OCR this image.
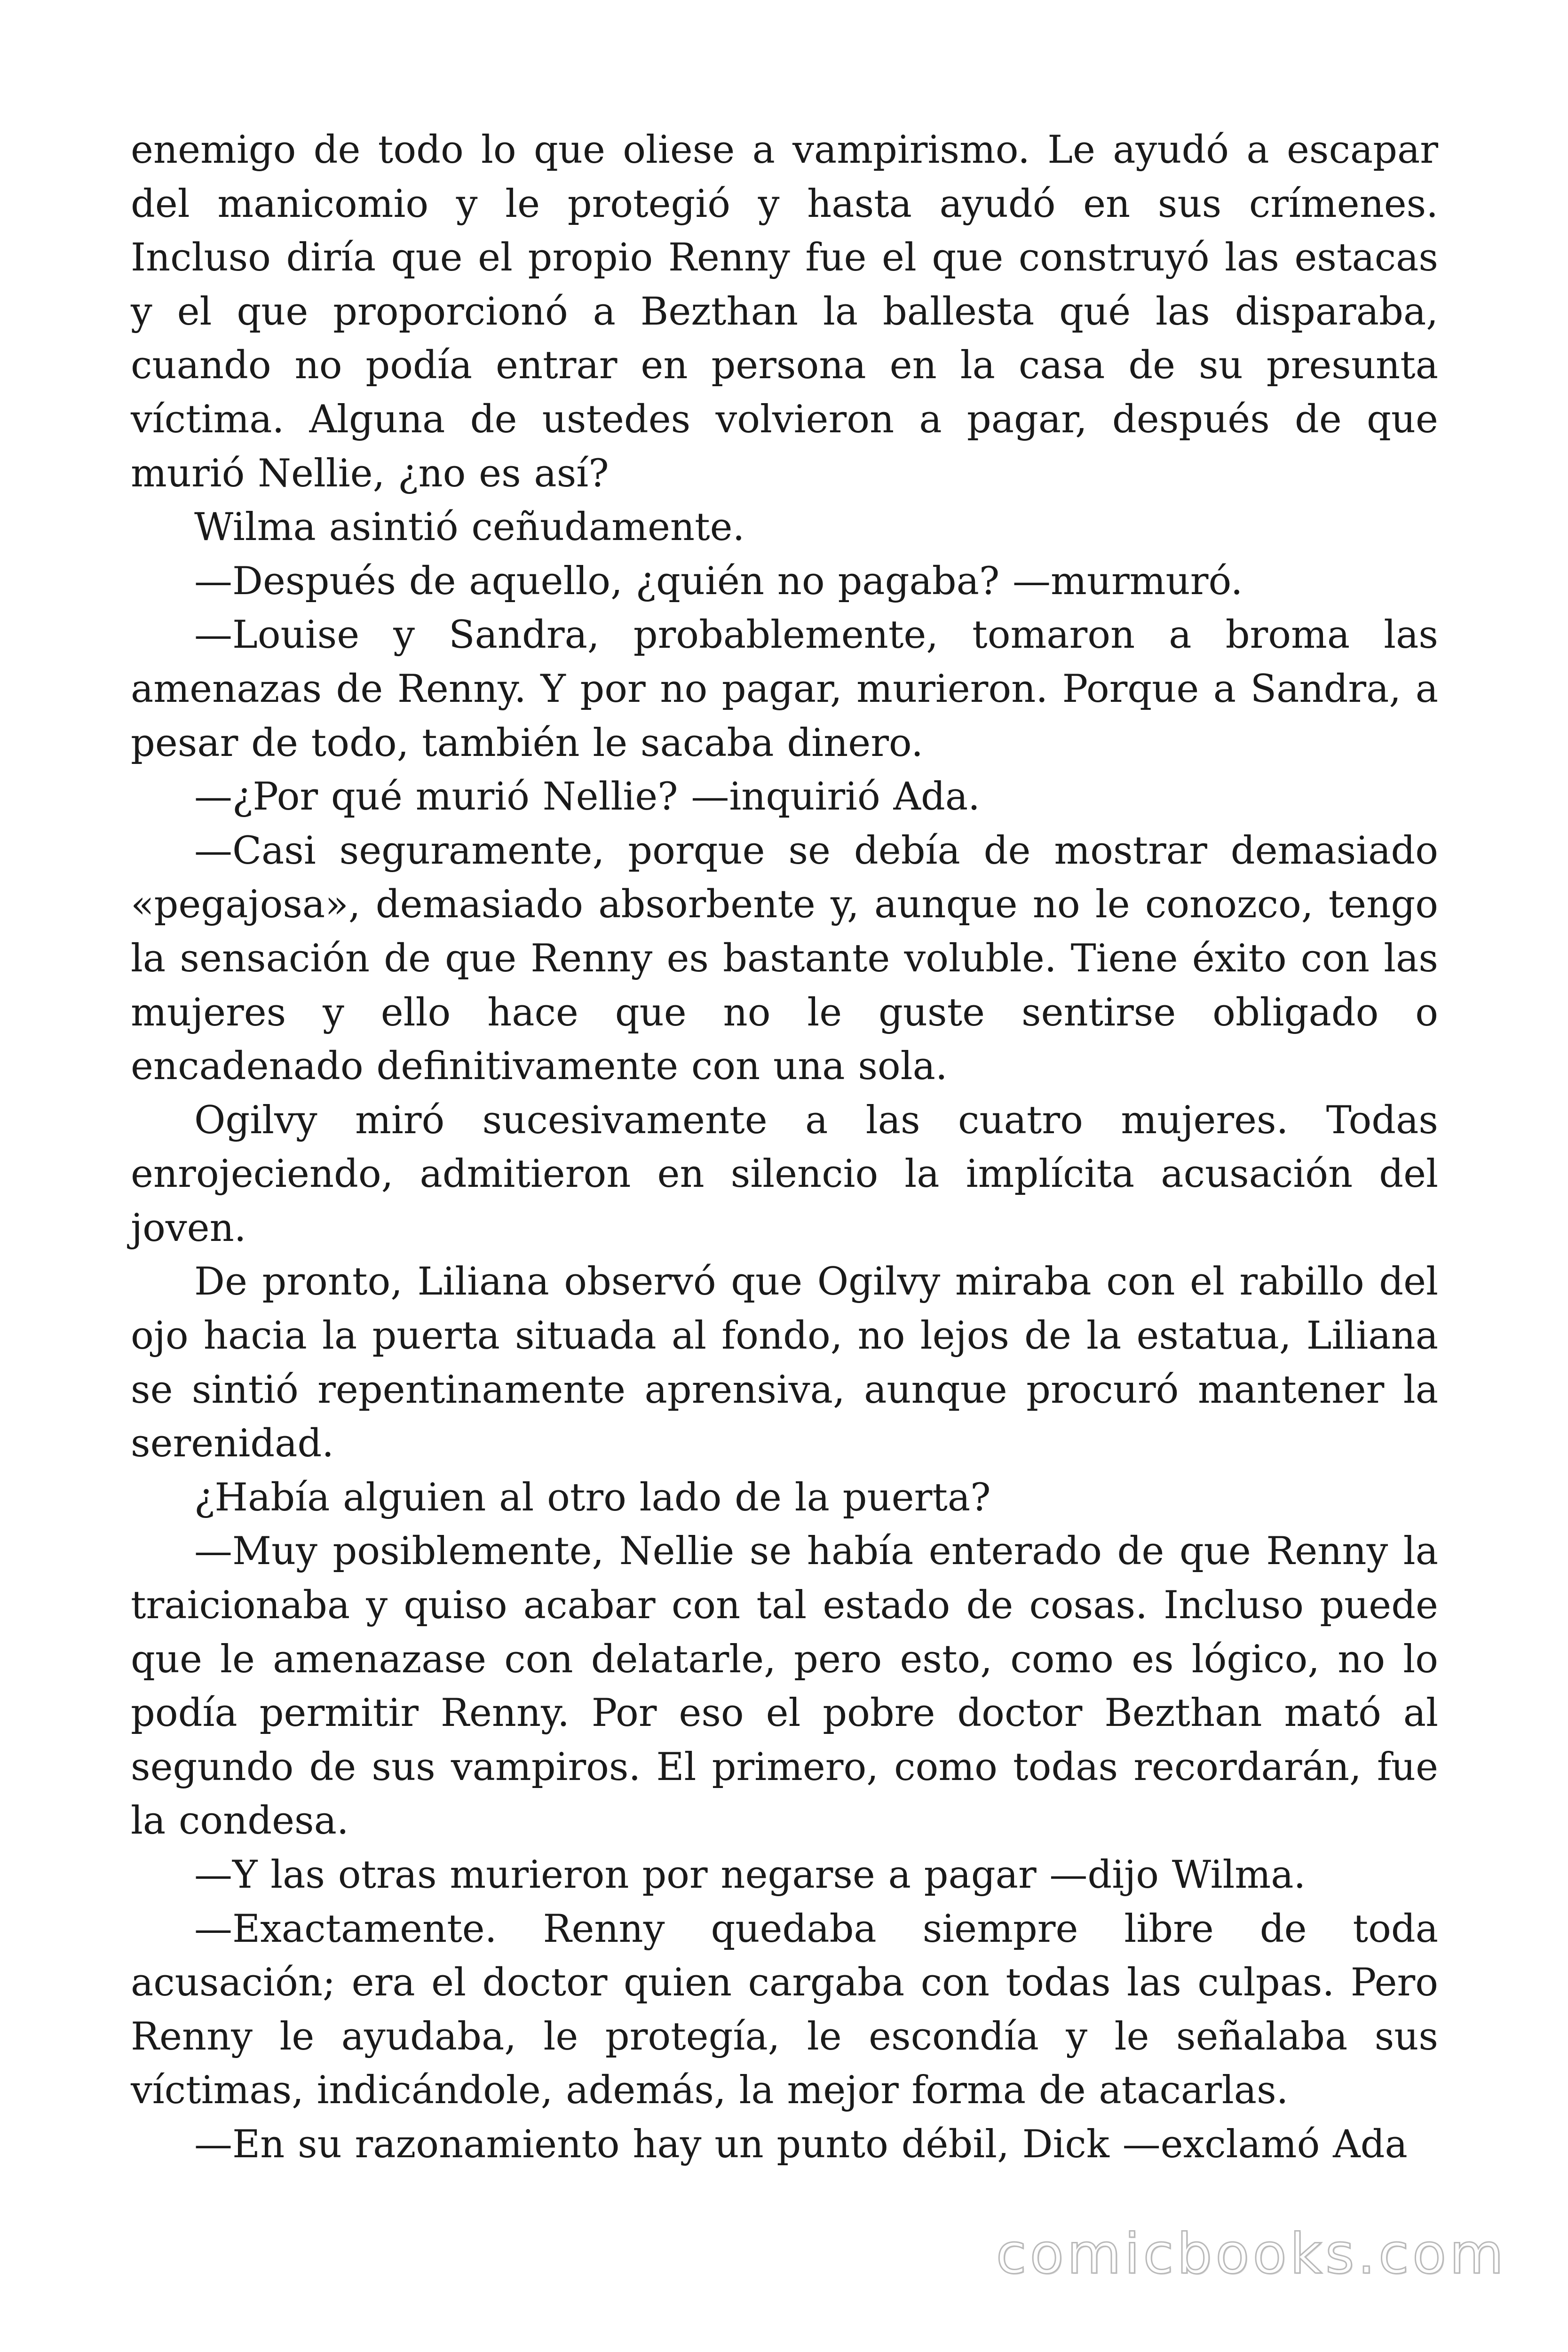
enemigo de todo lo que oliese a vampirismo. Le ayudó a escapar del manicomio y le protegió y hasta ayudó en sus crímenes. Incluso diría que el propio Renny fue el que construyó las estacas y el que proporcionó a Bezthan la ballesta qué las disparaba, cuando no podía entrar en persona en la casa de su presunta víctima. Alguna de ustedes volvieron a pagar, después de que murió Nellie, ¿no es así?

Wilma asintió ceñudamente.

—Después de aquello, ¿quién no pagaba? —murmuró.

—Louise y Sandra, probablemente, tomaron a broma las amenazas de Renny. Y por no pagar, murieron. Porque a Sandra, a pesar de todo, también le sacaba dinero.

—¿Por qué murió Nellie? —inquirió Ada.

—Casi seguramente, porque se debía de mostrar demasiado «pegajosa», demasiado absorbente y, aunque no le conozco, tengo la sensación de que Renny es bastante voluble. Tiene éxito con las mujeres y ello hace que no le guste sentirse obligado o encadenado definitivamente con una sola.

Ogilvy miró sucesivamente a las cuatro mujeres. Todas enrojeciendo, admitieron en silencio la implícita acusación del joven.

De pronto, Liliana observó que Ogilvy miraba con el rabillo del ojo hacia la puerta situada al fondo, no lejos de la estatua, Liliana se sintió repentinamente aprensiva, aunque procuró mantener la serenidad.

¿Había alguien al otro lado de la puerta?

—Muy posiblemente, Nellie se había enterado de que Renny la traicionaba y quiso acabar con tal estado de cosas. Incluso puede que le amenazase con delatarle, pero esto, como es lógico, no lo podía permitir Renny. Por eso el pobre doctor Bezthan mató al segundo de sus vampiros. El primero, como todas recordarán, fue la condesa.

—Y las otras murieron por negarse a pagar —dijo Wilma.

—Exactamente. Renny quedaba siempre libre de toda acusación; era el doctor quien cargaba con todas las culpas. Pero Renny le ayudaba, le protegía, le escondía y le señalaba sus víctimas, indicándole, además, la mejor forma de atacarlas.

—En su razonamiento hay un punto débil, Dick —exclamó Ada

comicbooks.com
